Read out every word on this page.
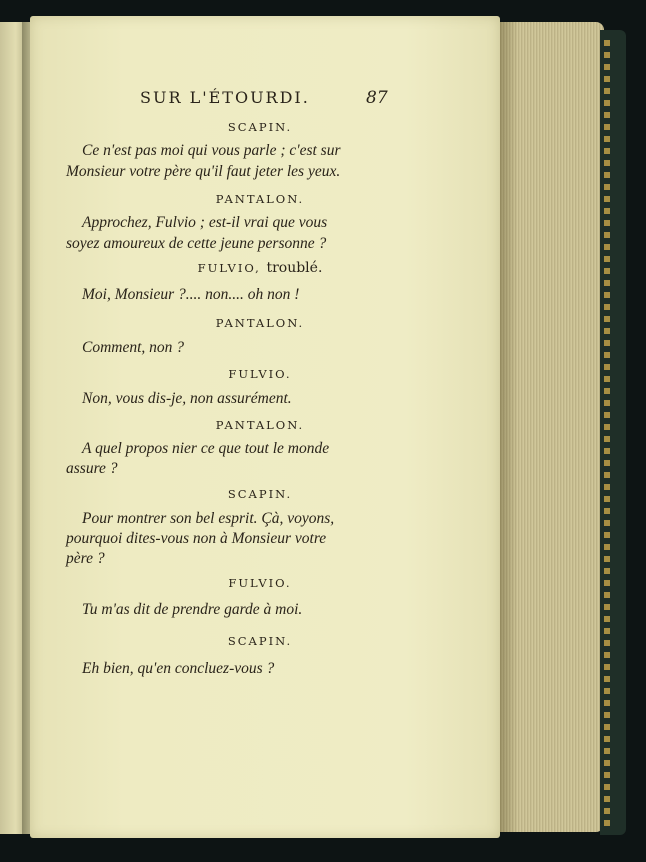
SUR L'ÉTOURDI.	87
SCAPIN.
Ce n'est pas moi qui vous parle ; c'est sur
Monsieur votre père qu'il faut jeter les yeux.
PANTALON.
Approchez, Fulvio ; est-il vrai que vous
soyez amoureux de cette jeune personne ?
FULVIO, troublé.
Moi, Monsieur ?.... non.... oh non !
PANTALON.
Comment, non ?
FULVIO.
Non, vous dis-je, non assurément.
PANTALON.
A quel propos nier ce que tout le monde
assure ?
SCAPIN.
Pour montrer son bel esprit. Çà, voyons,
pourquoi dites-vous non à Monsieur votre
père ?
FULVIO.
Tu m'as dit de prendre garde à moi.
SCAPIN.
Eh bien, qu'en concluez-vous ?
